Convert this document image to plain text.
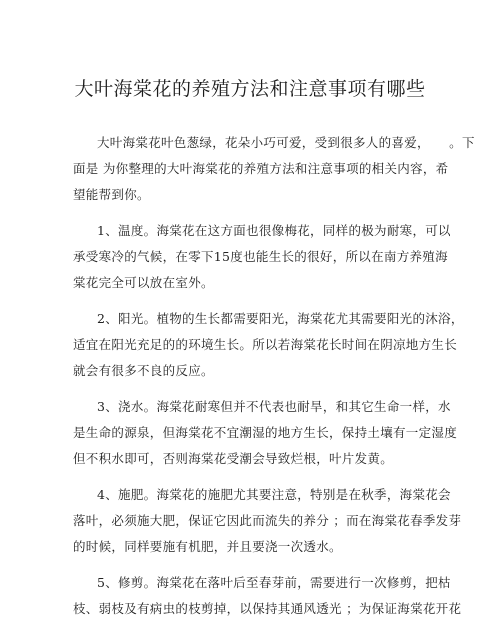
大叶海棠花的养殖方法和注意事项有哪些

大叶海棠花叶色葱绿，花朵小巧可爱，受到很多人的喜爱，　　。下
面是 为你整理的大叶海棠花的养殖方法和注意事项的相关内容，希
望能帮到你。

1、温度。海棠花在这方面也很像梅花，同样的极为耐寒，可以
承受寒冷的气候，在零下15度也能生长的很好，所以在南方养殖海
棠花完全可以放在室外。

2、阳光。植物的生长都需要阳光，海棠花尤其需要阳光的沐浴，
适宜在阳光充足的的环境生长。所以若海棠花长时间在阴凉地方生长
就会有很多不良的反应。

3、浇水。海棠花耐寒但并不代表也耐旱，和其它生命一样，水
是生命的源泉，但海棠花不宜潮湿的地方生长，保持土壤有一定湿度
但不积水即可，否则海棠花受潮会导致烂根，叶片发黄。

4、施肥。海棠花的施肥尤其要注意，特别是在秋季，海棠花会
落叶，必须施大肥，保证它因此而流失的养分 ；而在海棠花春季发芽
的时候，同样要施有机肥，并且要浇一次透水。

5、修剪。海棠花在落叶后至春芽前，需要进行一次修剪，把枯
枝、弱枝及有病虫的枝剪掉，以保持其通风透光 ；为保证海棠花开花
